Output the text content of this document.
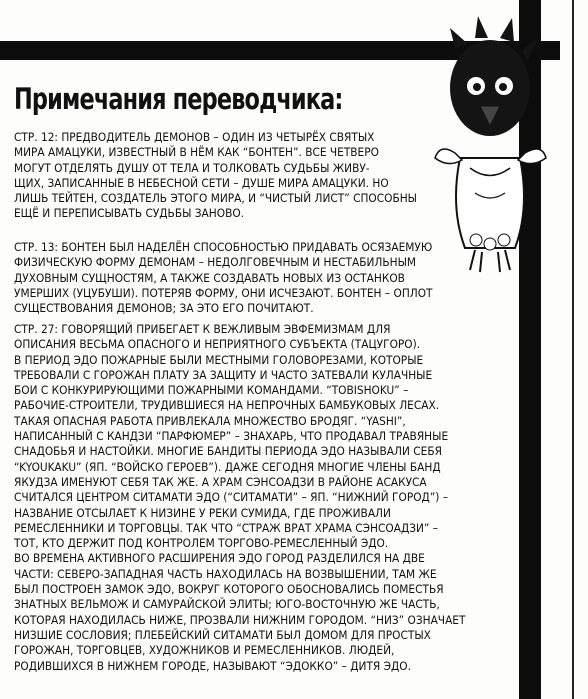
Примечания переводчика:
СТР. 12: ПРЕДВОДИТЕЛЬ ДЕМОНОВ – ОДИН ИЗ ЧЕТЫРЁХ СВЯТЫХ
МИРА АМАЦУКИ, ИЗВЕСТНЫЙ В НЁМ КАК “БОНТЕН”. ВСЕ ЧЕТВЕРО
МОГУТ ОТДЕЛЯТЬ ДУШУ ОТ ТЕЛА И ТОЛКОВАТЬ СУДЬБЫ ЖИВУ-
ЩИХ, ЗАПИСАННЫЕ В НЕБЕСНОЙ СЕТИ – ДУШЕ МИРА АМАЦУКИ. НО
ЛИШЬ ТЕЙТЕН, СОЗДАТЕЛЬ ЭТОГО МИРА, И “ЧИСТЫЙ ЛИСТ” СПОСОБНЫ
ЕЩЁ И ПЕРЕПИСЫВАТЬ СУДЬБЫ ЗАНОВО.
СТР. 13: БОНТЕН БЫЛ НАДЕЛЁН СПОСОБНОСТЬЮ ПРИДАВАТЬ ОСЯЗАЕМУЮ
ФИЗИЧЕСКУЮ ФОРМУ ДЕМОНАМ – НЕДОЛГОВЕЧНЫМ И НЕСТАБИЛЬНЫМ
ДУХОВНЫМ СУЩНОСТЯМ, А ТАКЖЕ СОЗДАВАТЬ НОВЫХ ИЗ ОСТАНКОВ
УМЕРШИХ (УЦУБУШИ). ПОТЕРЯВ ФОРМУ, ОНИ ИСЧЕЗАЮТ. БОНТЕН – ОПЛОТ
СУЩЕСТВОВАНИЯ ДЕМОНОВ; ЗА ЭТО ЕГО ПОЧИТАЮТ.
СТР. 27: ГОВОРЯЩИЙ ПРИБЕГАЕТ К ВЕЖЛИВЫМ ЭВФЕМИЗМАМ ДЛЯ
ОПИСАНИЯ ВЕСЬМА ОПАСНОГО И НЕПРИЯТНОГО СУБЪЕКТА (ТАЦУГОРО).
В ПЕРИОД ЭДО ПОЖАРНЫЕ БЫЛИ МЕСТНЫМИ ГОЛОВОРЕЗАМИ, КОТОРЫЕ
ТРЕБОВАЛИ С ГОРОЖАН ПЛАТУ ЗА ЗАЩИТУ И ЧАСТО ЗАТЕВАЛИ КУЛАЧНЫЕ
БОИ С КОНКУРИРУЮЩИМИ ПОЖАРНЫМИ КОМАНДАМИ. “TOBISHOKU” –
РАБОЧИЕ-СТРОИТЕЛИ, ТРУДИВШИЕСЯ НА НЕПРОЧНЫХ БАМБУКОВЫХ ЛЕСАХ.
ТАКАЯ ОПАСНАЯ РАБОТА ПРИВЛЕКАЛА МНОЖЕСТВО БРОДЯГ. “YASHI”,
НАПИСАННЫЙ С КАНДЗИ “ПАРФЮМЕР” – ЗНАХАРЬ, ЧТО ПРОДАВАЛ ТРАВЯНЫЕ
СНАДОБЬЯ И НАСТОЙКИ. МНОГИЕ БАНДИТЫ ПЕРИОДА ЭДО НАЗЫВАЛИ СЕБЯ
“KYOUKAKU” (ЯП. “ВОЙСКО ГЕРОЕВ”). ДАЖЕ СЕГОДНЯ МНОГИЕ ЧЛЕНЫ БАНД
ЯКУДЗА ИМЕНУЮТ СЕБЯ ТАК ЖЕ. А ХРАМ СЭНСОАДЗИ В РАЙОНЕ АСАКУСА
СЧИТАЛСЯ ЦЕНТРОМ СИТАМАТИ ЭДО (“СИТАМАТИ” – ЯП. “НИЖНИЙ ГОРОД”) –
НАЗВАНИЕ ОТСЫЛАЕТ К НИЗИНЕ У РЕКИ СУМИДА, ГДЕ ПРОЖИВАЛИ
РЕМЕСЛЕННИКИ И ТОРГОВЦЫ. ТАК ЧТО “СТРАЖ ВРАТ ХРАМА СЭНСОАДЗИ” –
ТОТ, КТО ДЕРЖИТ ПОД КОНТРОЛЕМ ТОРГОВО-РЕМЕСЛЕННЫЙ ЭДО.
ВО ВРЕМЕНА АКТИВНОГО РАСШИРЕНИЯ ЭДО ГОРОД РАЗДЕЛИЛСЯ НА ДВЕ
ЧАСТИ: СЕВЕРО-ЗАПАДНАЯ ЧАСТЬ НАХОДИЛАСЬ НА ВОЗВЫШЕНИИ, ТАМ ЖЕ
БЫЛ ПОСТРОЕН ЗАМОК ЭДО, ВОКРУГ КОТОРОГО ОБОСНОВАЛИСЬ ПОМЕСТЬЯ
ЗНАТНЫХ ВЕЛЬМОЖ И САМУРАЙСКОЙ ЭЛИТЫ; ЮГО-ВОСТОЧНУЮ ЖЕ ЧАСТЬ,
КОТОРАЯ НАХОДИЛАСЬ НИЖЕ, ПРОЗВАЛИ НИЖНИМ ГОРОДОМ. “НИЗ” ОЗНАЧАЕТ
НИЗШИЕ СОСЛОВИЯ; ПЛЕБЕЙСКИЙ СИТАМАТИ БЫЛ ДОМОМ ДЛЯ ПРОСТЫХ
ГОРОЖАН, ТОРГОВЦЕВ, ХУДОЖНИКОВ И РЕМЕСЛЕННИКОВ. ЛЮДЕЙ,
РОДИВШИХСЯ В НИЖНЕМ ГОРОДЕ, НАЗЫВАЮТ “ЭДОККО” – ДИТЯ ЭДО.
